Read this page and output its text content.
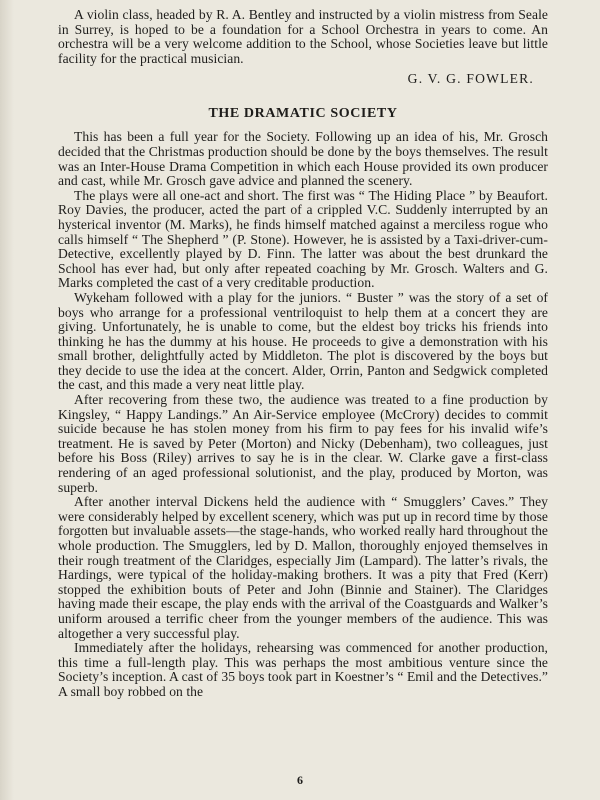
A violin class, headed by R. A. Bentley and instructed by a violin mistress from Seale in Surrey, is hoped to be a foundation for a School Orchestra in years to come. An orchestra will be a very welcome addition to the School, whose Societies leave but little facility for the practical musician.

G. V. G. FOWLER.
THE DRAMATIC SOCIETY

This has been a full year for the Society. Following up an idea of his, Mr. Grosch decided that the Christmas production should be done by the boys themselves. The result was an Inter-House Drama Competition in which each House provided its own producer and cast, while Mr. Grosch gave advice and planned the scenery.

The plays were all one-act and short. The first was “ The Hiding Place ” by Beaufort. Roy Davies, the producer, acted the part of a crippled V.C. Suddenly interrupted by an hysterical inventor (M. Marks), he finds himself matched against a merciless rogue who calls himself “ The Shepherd ” (P. Stone). However, he is assisted by a Taxi-driver-cum-Detective, excellently played by D. Finn. The latter was about the best drunkard the School has ever had, but only after repeated coaching by Mr. Grosch. Walters and G. Marks completed the cast of a very creditable production.

Wykeham followed with a play for the juniors. “ Buster ” was the story of a set of boys who arrange for a professional ventriloquist to help them at a concert they are giving. Unfortunately, he is unable to come, but the eldest boy tricks his friends into thinking he has the dummy at his house. He proceeds to give a demonstration with his small brother, delightfully acted by Middleton. The plot is discovered by the boys but they decide to use the idea at the concert. Alder, Orrin, Panton and Sedgwick completed the cast, and this made a very neat little play.

After recovering from these two, the audience was treated to a fine production by Kingsley, “ Happy Landings.” An Air-Service employee (McCrory) decides to commit suicide because he has stolen money from his firm to pay fees for his invalid wife’s treatment. He is saved by Peter (Morton) and Nicky (Debenham), two colleagues, just before his Boss (Riley) arrives to say he is in the clear. W. Clarke gave a first-class rendering of an aged professional solutionist, and the play, produced by Morton, was superb.

After another interval Dickens held the audience with “ Smugglers’ Caves.” They were considerably helped by excellent scenery, which was put up in record time by those forgotten but invaluable assets—the stage-hands, who worked really hard throughout the whole production. The Smugglers, led by D. Mallon, thoroughly enjoyed themselves in their rough treatment of the Claridges, especially Jim (Lampard). The latter’s rivals, the Hardings, were typical of the holiday-making brothers. It was a pity that Fred (Kerr) stopped the exhibition bouts of Peter and John (Binnie and Stainer). The Claridges having made their escape, the play ends with the arrival of the Coastguards and Walker’s uniform aroused a terrific cheer from the younger members of the audience. This was altogether a very successful play.

Immediately after the holidays, rehearsing was commenced for another production, this time a full-length play. This was perhaps the most ambitious venture since the Society’s inception. A cast of 35 boys took part in Koestner’s “ Emil and the Detectives.” A small boy robbed on the

6
